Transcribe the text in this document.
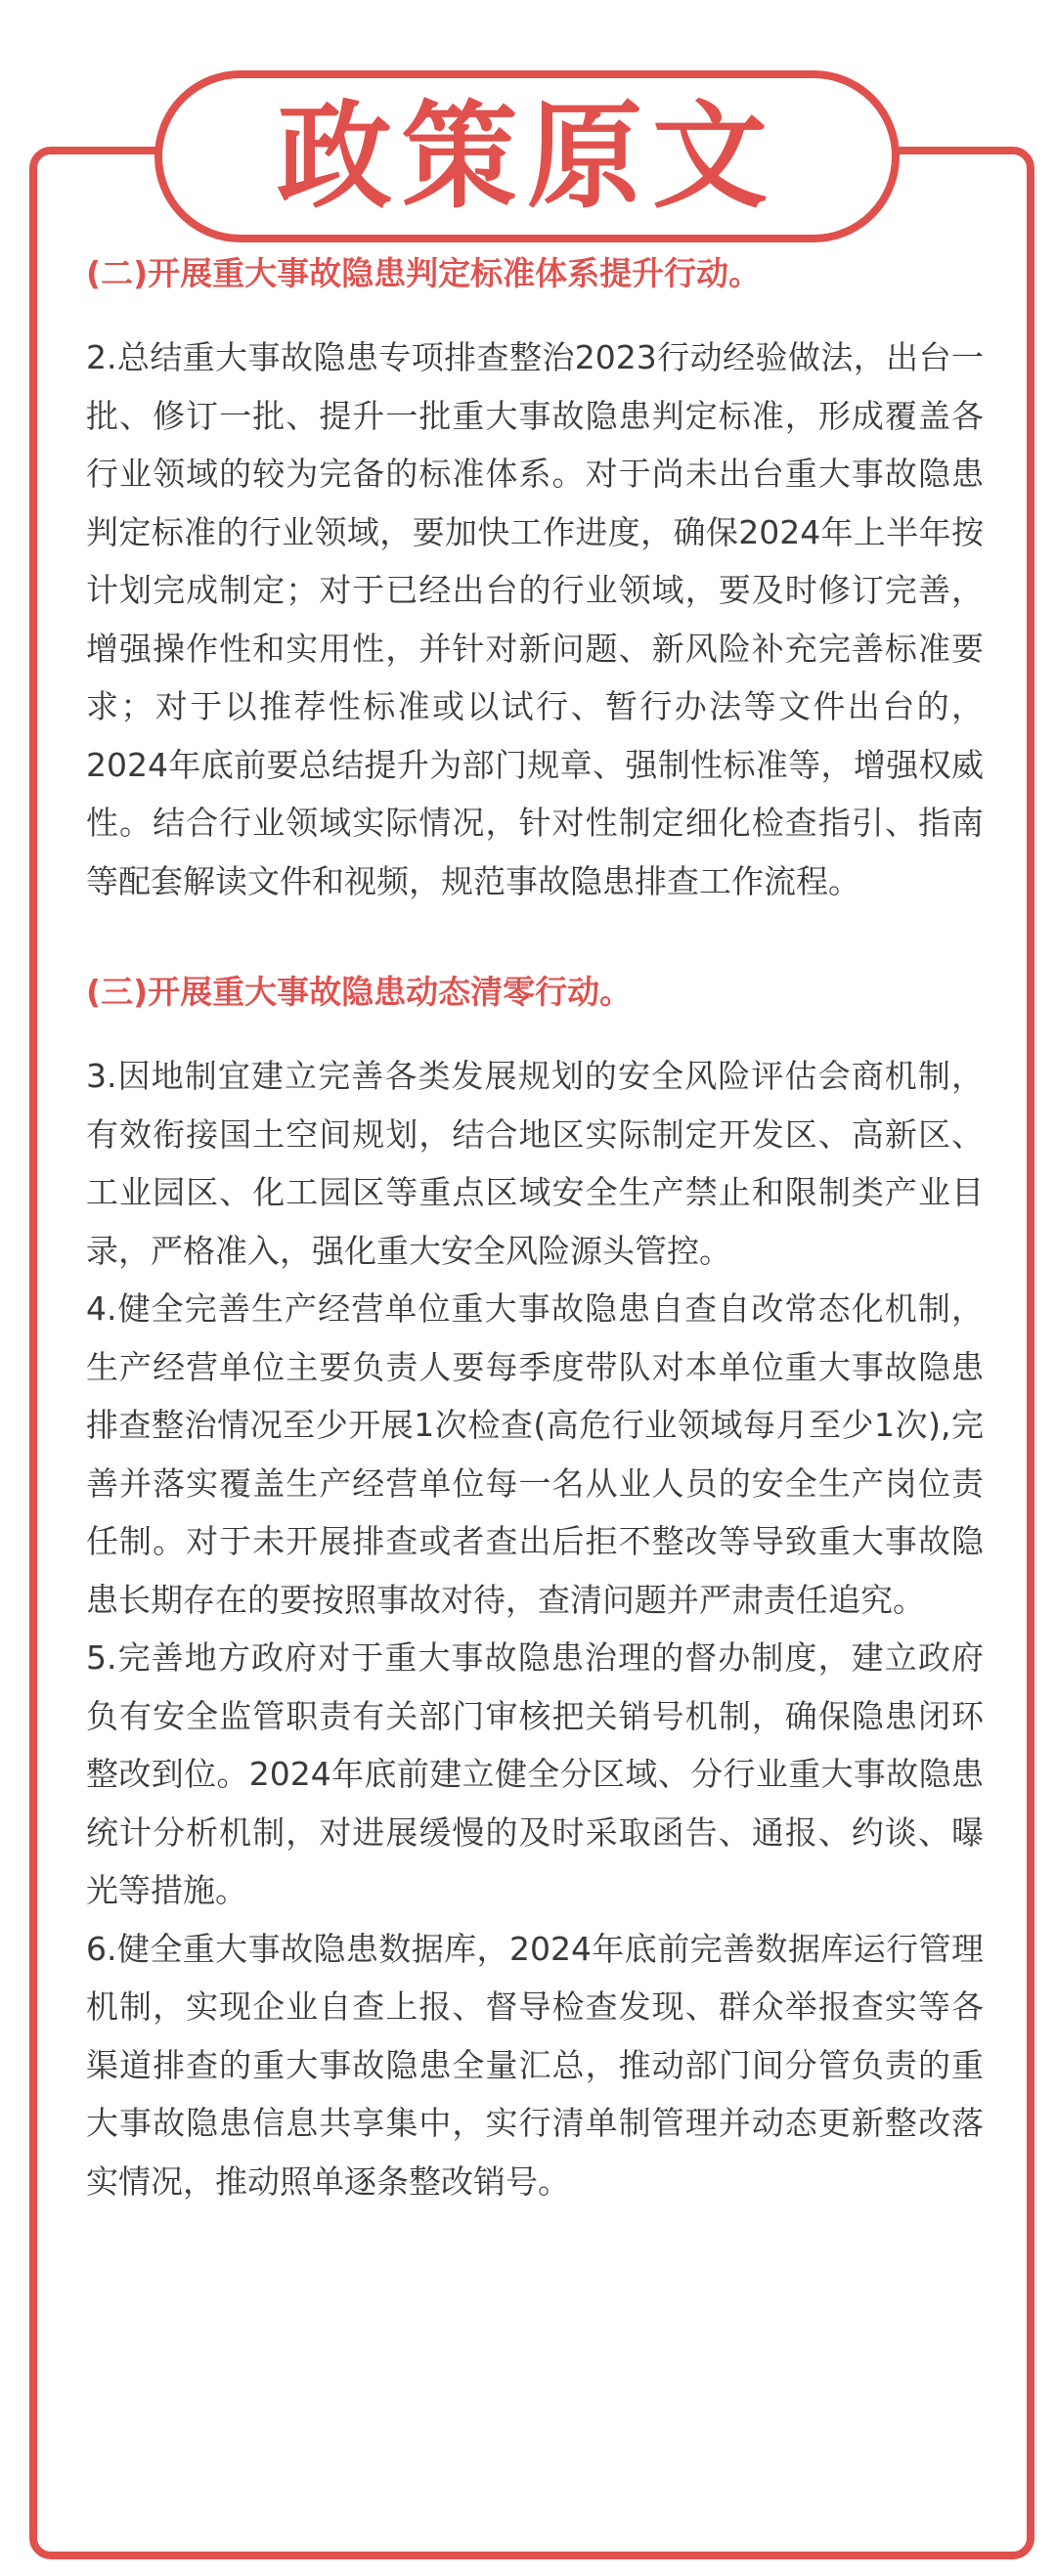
政策原文
(二)开展重大事故隐患判定标准体系提升行动。

2.总结重大事故隐患专项排查整治2023行动经验做法，出台一批、修订一批、提升一批重大事故隐患判定标准，形成覆盖各行业领域的较为完备的标准体系。对于尚未出台重大事故隐患判定标准的行业领域，要加快工作进度，确保2024年上半年按计划完成制定；对于已经出台的行业领域，要及时修订完善，增强操作性和实用性，并针对新问题、新风险补充完善标准要求；对于以推荐性标准或以试行、暂行办法等文件出台的，2024年底前要总结提升为部门规章、强制性标准等，增强权威性。结合行业领域实际情况，针对性制定细化检查指引、指南等配套解读文件和视频，规范事故隐患排查工作流程。

(三)开展重大事故隐患动态清零行动。

3.因地制宜建立完善各类发展规划的安全风险评估会商机制，有效衔接国土空间规划，结合地区实际制定开发区、高新区、工业园区、化工园区等重点区域安全生产禁止和限制类产业目录，严格准入，强化重大安全风险源头管控。

4.健全完善生产经营单位重大事故隐患自查自改常态化机制，生产经营单位主要负责人要每季度带队对本单位重大事故隐患排查整治情况至少开展1次检查(高危行业领域每月至少1次),完善并落实覆盖生产经营单位每一名从业人员的安全生产岗位责任制。对于未开展排查或者查出后拒不整改等导致重大事故隐患长期存在的要按照事故对待，查清问题并严肃责任追究。

5.完善地方政府对于重大事故隐患治理的督办制度，建立政府负有安全监管职责有关部门审核把关销号机制，确保隐患闭环整改到位。2024年底前建立健全分区域、分行业重大事故隐患统计分析机制，对进展缓慢的及时采取函告、通报、约谈、曝光等措施。

6.健全重大事故隐患数据库，2024年底前完善数据库运行管理机制，实现企业自查上报、督导检查发现、群众举报查实等各渠道排查的重大事故隐患全量汇总，推动部门间分管负责的重大事故隐患信息共享集中，实行清单制管理并动态更新整改落实情况，推动照单逐条整改销号。
